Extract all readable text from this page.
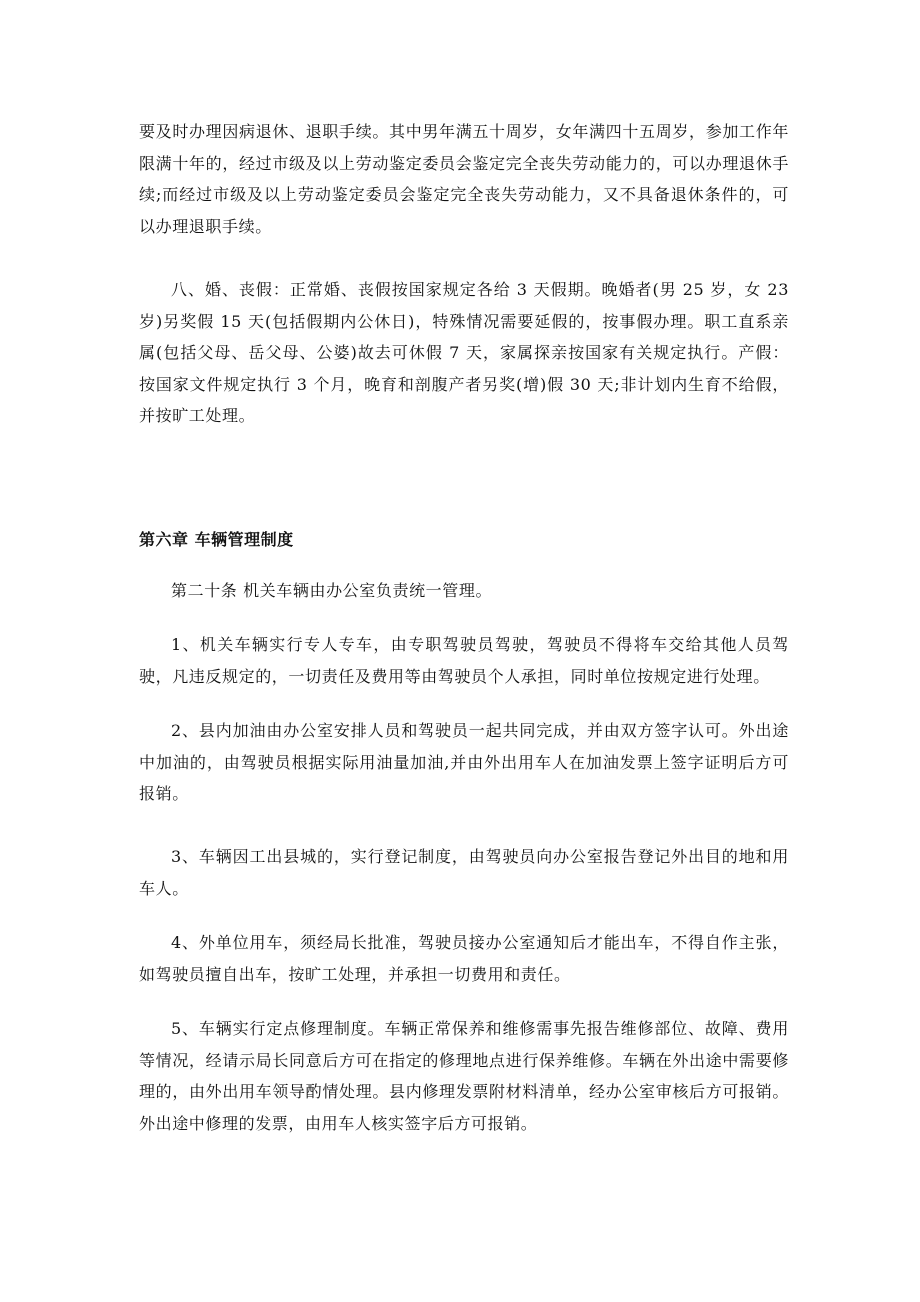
要及时办理因病退休、退职手续。其中男年满五十周岁，女年满四十五周岁，参加工作年限满十年的，经过市级及以上劳动鉴定委员会鉴定完全丧失劳动能力的，可以办理退休手续;而经过市级及以上劳动鉴定委员会鉴定完全丧失劳动能力，又不具备退休条件的，可以办理退职手续。

八、婚、丧假：正常婚、丧假按国家规定各给 3 天假期。晚婚者(男 25 岁，女 23 岁)另奖假 15 天(包括假期内公休日)，特殊情况需要延假的，按事假办理。职工直系亲属(包括父母、岳父母、公婆)故去可休假 7 天，家属探亲按国家有关规定执行。产假：按国家文件规定执行 3 个月，晚育和剖腹产者另奖(增)假 30 天;非计划内生育不给假，并按旷工处理。

第六章 车辆管理制度

第二十条 机关车辆由办公室负责统一管理。

1、机关车辆实行专人专车，由专职驾驶员驾驶，驾驶员不得将车交给其他人员驾驶，凡违反规定的，一切责任及费用等由驾驶员个人承担，同时单位按规定进行处理。

2、县内加油由办公室安排人员和驾驶员一起共同完成，并由双方签字认可。外出途中加油的，由驾驶员根据实际用油量加油,并由外出用车人在加油发票上签字证明后方可报销。

3、车辆因工出县城的，实行登记制度，由驾驶员向办公室报告登记外出目的地和用车人。

4、外单位用车，须经局长批准，驾驶员接办公室通知后才能出车，不得自作主张，如驾驶员擅自出车，按旷工处理，并承担一切费用和责任。

5、车辆实行定点修理制度。车辆正常保养和维修需事先报告维修部位、故障、费用等情况，经请示局长同意后方可在指定的修理地点进行保养维修。车辆在外出途中需要修理的，由外出用车领导酌情处理。县内修理发票附材料清单，经办公室审核后方可报销。外出途中修理的发票，由用车人核实签字后方可报销。
